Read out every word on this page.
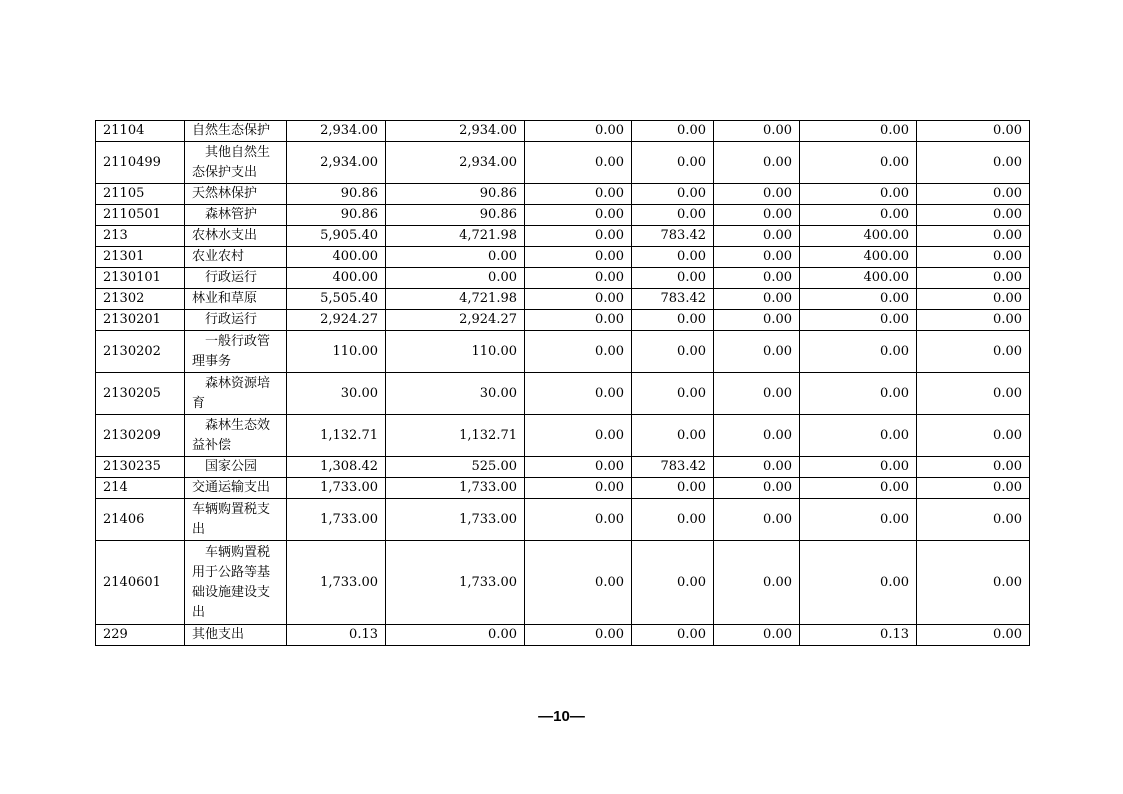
21104	自然生态保护	2,934.00	2,934.00	0.00	0.00	0.00	0.00	0.00
2110499	其他自然生态保护支出	2,934.00	2,934.00	0.00	0.00	0.00	0.00	0.00
21105	天然林保护	90.86	90.86	0.00	0.00	0.00	0.00	0.00
2110501	森林管护	90.86	90.86	0.00	0.00	0.00	0.00	0.00
213	农林水支出	5,905.40	4,721.98	0.00	783.42	0.00	400.00	0.00
21301	农业农村	400.00	0.00	0.00	0.00	0.00	400.00	0.00
2130101	行政运行	400.00	0.00	0.00	0.00	0.00	400.00	0.00
21302	林业和草原	5,505.40	4,721.98	0.00	783.42	0.00	0.00	0.00
2130201	行政运行	2,924.27	2,924.27	0.00	0.00	0.00	0.00	0.00
2130202	一般行政管理事务	110.00	110.00	0.00	0.00	0.00	0.00	0.00
2130205	森林资源培育	30.00	30.00	0.00	0.00	0.00	0.00	0.00
2130209	森林生态效益补偿	1,132.71	1,132.71	0.00	0.00	0.00	0.00	0.00
2130235	国家公园	1,308.42	525.00	0.00	783.42	0.00	0.00	0.00
214	交通运输支出	1,733.00	1,733.00	0.00	0.00	0.00	0.00	0.00
21406	车辆购置税支出	1,733.00	1,733.00	0.00	0.00	0.00	0.00	0.00
2140601	车辆购置税用于公路等基础设施建设支出	1,733.00	1,733.00	0.00	0.00	0.00	0.00	0.00
229	其他支出	0.13	0.00	0.00	0.00	0.00	0.13	0.00
—10—
